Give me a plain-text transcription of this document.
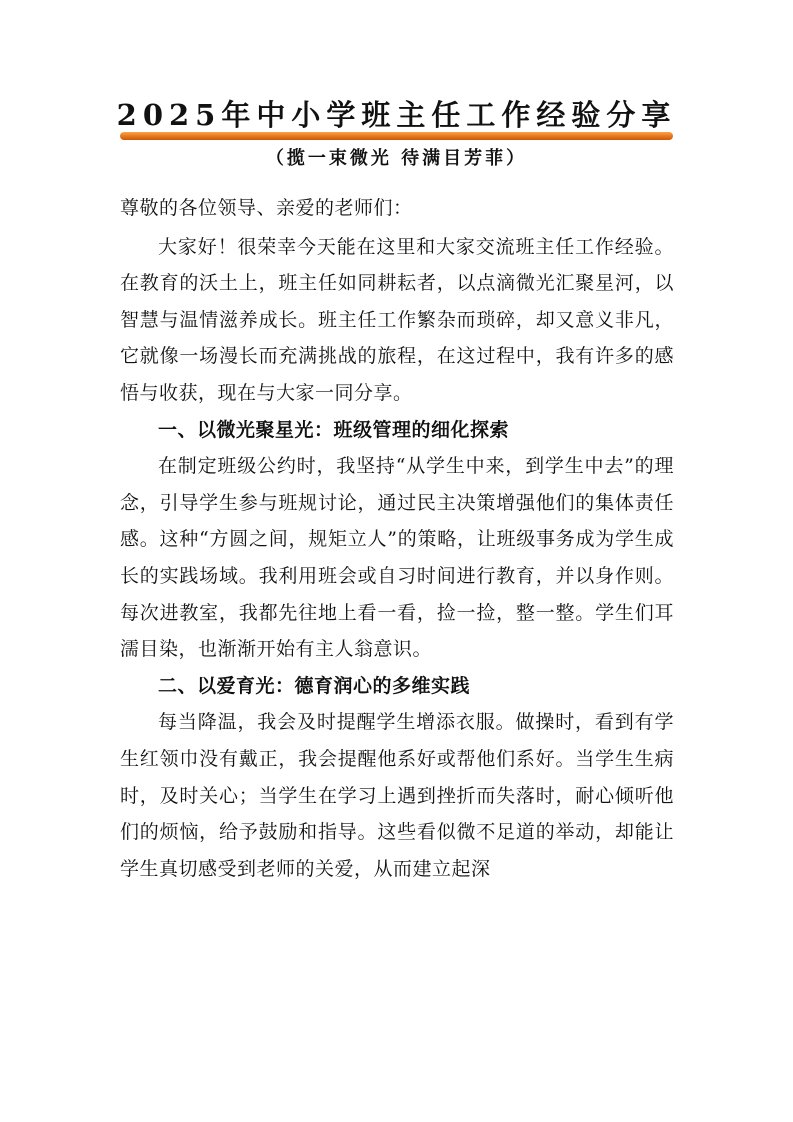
2025年中小学班主任工作经验分享
（揽一束微光 待满目芳菲）

尊敬的各位领导、亲爱的老师们：

大家好！很荣幸今天能在这里和大家交流班主任工作经验。在教育的沃土上，班主任如同耕耘者，以点滴微光汇聚星河，以智慧与温情滋养成长。班主任工作繁杂而琐碎，却又意义非凡，它就像一场漫长而充满挑战的旅程，在这过程中，我有许多的感悟与收获，现在与大家一同分享。

一、以微光聚星光：班级管理的细化探索

在制定班级公约时，我坚持“从学生中来，到学生中去”的理念，引导学生参与班规讨论，通过民主决策增强他们的集体责任感。这种“方圆之间，规矩立人”的策略，让班级事务成为学生成长的实践场域。我利用班会或自习时间进行教育，并以身作则。每次进教室，我都先往地上看一看，捡一捡，整一整。学生们耳濡目染，也渐渐开始有主人翁意识。

二、以爱育光：德育润心的多维实践

每当降温，我会及时提醒学生增添衣服。做操时，看到有学生红领巾没有戴正，我会提醒他系好或帮他们系好。当学生生病时，及时关心；当学生在学习上遇到挫折而失落时，耐心倾听他们的烦恼，给予鼓励和指导。这些看似微不足道的举动，却能让学生真切感受到老师的关爱，从而建立起深
